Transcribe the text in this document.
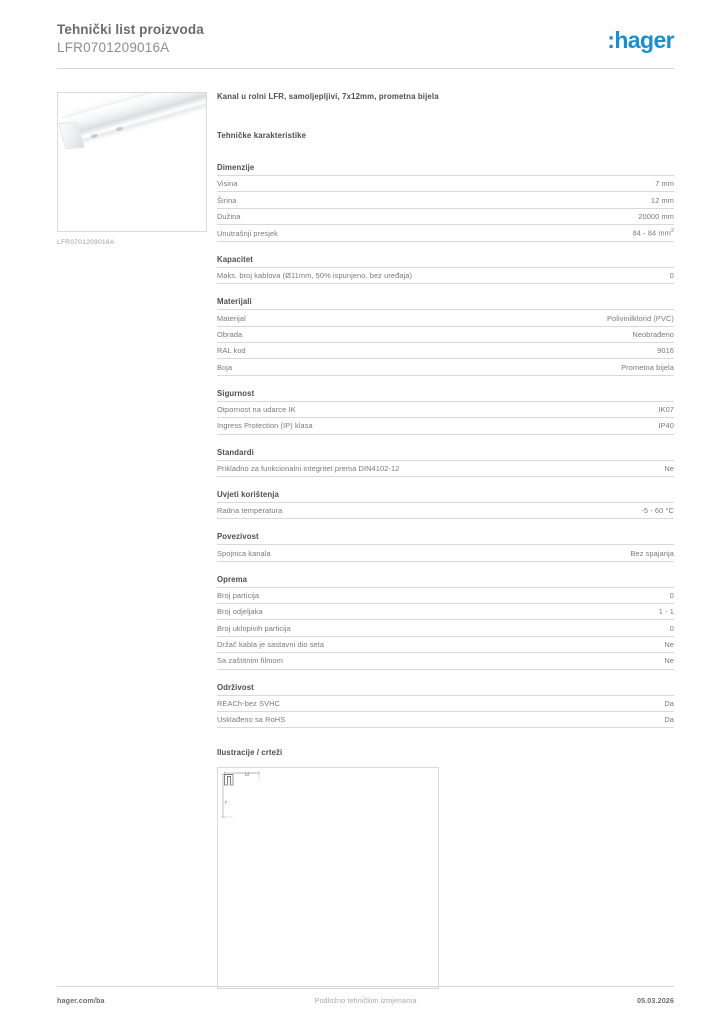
Tehnički list proizvoda
LFR0701209016A	:hager
LFR0701209016A
Kanal u rolni LFR, samoljepljivi, 7x12mm, prometna bijela
Tehničke karakteristike
Dimenzije
Visina	7 mm
Širina	12 mm
Dužina	20000 mm
Unutrašnji presjek	84 - 84 $mm^2$
Kapacitet
Maks. broj kablova (Ø11mm, 50% ispunjeno, bez uređaja)	0
Materijali
Materijal	Polivinilklorid (PVC)
Obrada	Neobrađeno
RAL kod	9016
Boja	Prometna bijela
Sigurnost
Otpornost na udarce IK	IK07
Ingress Protection (IP) klasa	IP40
Standardi
Prikladno za funkcionalni integritet prema DIN4102-12	Ne
Uvjeti korištenja
Radna temperatura	-5 - 60 °C
Povezivost
Spojnica kanala	Bez spajanja
Oprema
Broj particija	0
Broj odjeljaka	1 - 1
Broj uklopivih particija	0
Držač kabla je sastavni dio seta	Ne
Sa zaštitnim filmom	Ne
Održivost
REACh-bez SVHC	Da
Usklađeno sa RoHS	Da
Ilustracije / crteži
12
7
hager.com/ba	Podložno tehničkim izmjenama	05.03.2026
